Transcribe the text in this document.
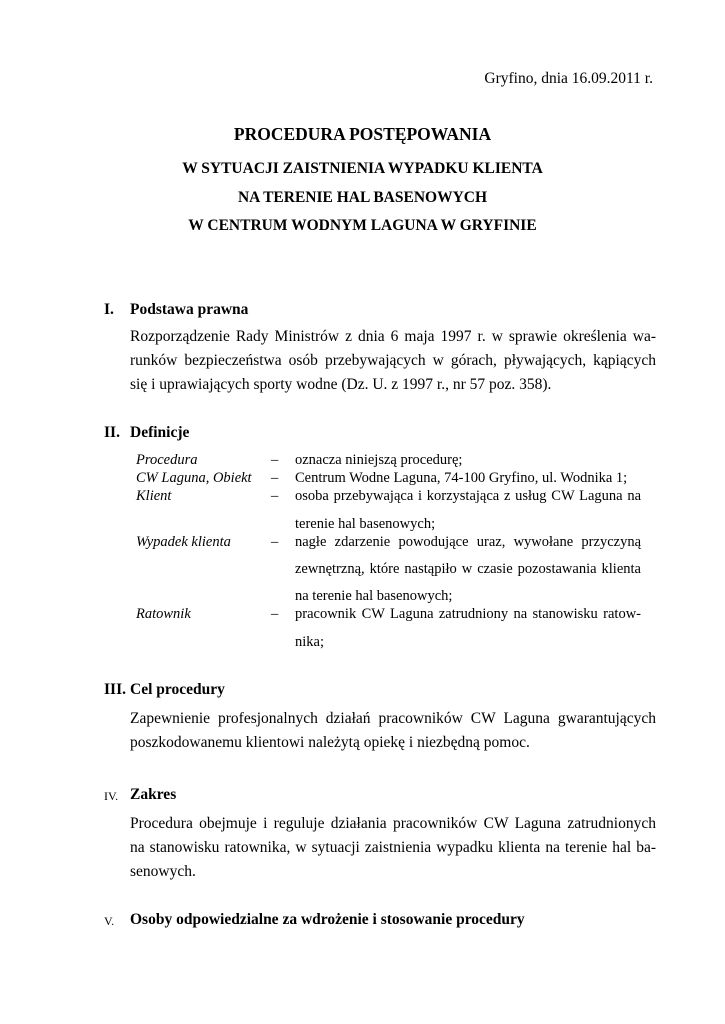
Gryfino, dnia 16.09.2011 r.
PROCEDURA POSTĘPOWANIA
W SYTUACJI ZAISTNIENIA WYPADKU KLIENTA
NA TERENIE HAL BASENOWYCH
W CENTRUM WODNYM LAGUNA W GRYFINIE
I. Podstawa prawna
Rozporządzenie Rady Ministrów z dnia 6 maja 1997 r. w sprawie określenia wa-
runków bezpieczeństwa osób przebywających w górach, pływających, kąpiących
się i uprawiających sporty wodne (Dz. U. z 1997 r., nr 57 poz. 358).
II. Definicje
Procedura	– oznacza niniejszą procedurę;
CW Laguna, Obiekt – Centrum Wodne Laguna, 74-100 Gryfino, ul. Wodnika 1;
Klient	– osoba przebywająca i korzystająca z usług CW Laguna na
terenie hal basenowych;
Wypadek klienta	– nagłe zdarzenie powodujące uraz, wywołane przyczyną
zewnętrzną, które nastąpiło w czasie pozostawania klienta
na terenie hal basenowych;
Ratownik	– pracownik CW Laguna zatrudniony na stanowisku ratow-
nika;
III. Cel procedury
Zapewnienie profesjonalnych działań pracowników CW Laguna gwarantujących
poszkodowanemu klientowi należytą opiekę i niezbędną pomoc.
IV. Zakres
Procedura obejmuje i reguluje działania pracowników CW Laguna zatrudnionych
na stanowisku ratownika, w sytuacji zaistnienia wypadku klienta na terenie hal ba-
senowych.
V. Osoby odpowiedzialne za wdrożenie i stosowanie procedury
